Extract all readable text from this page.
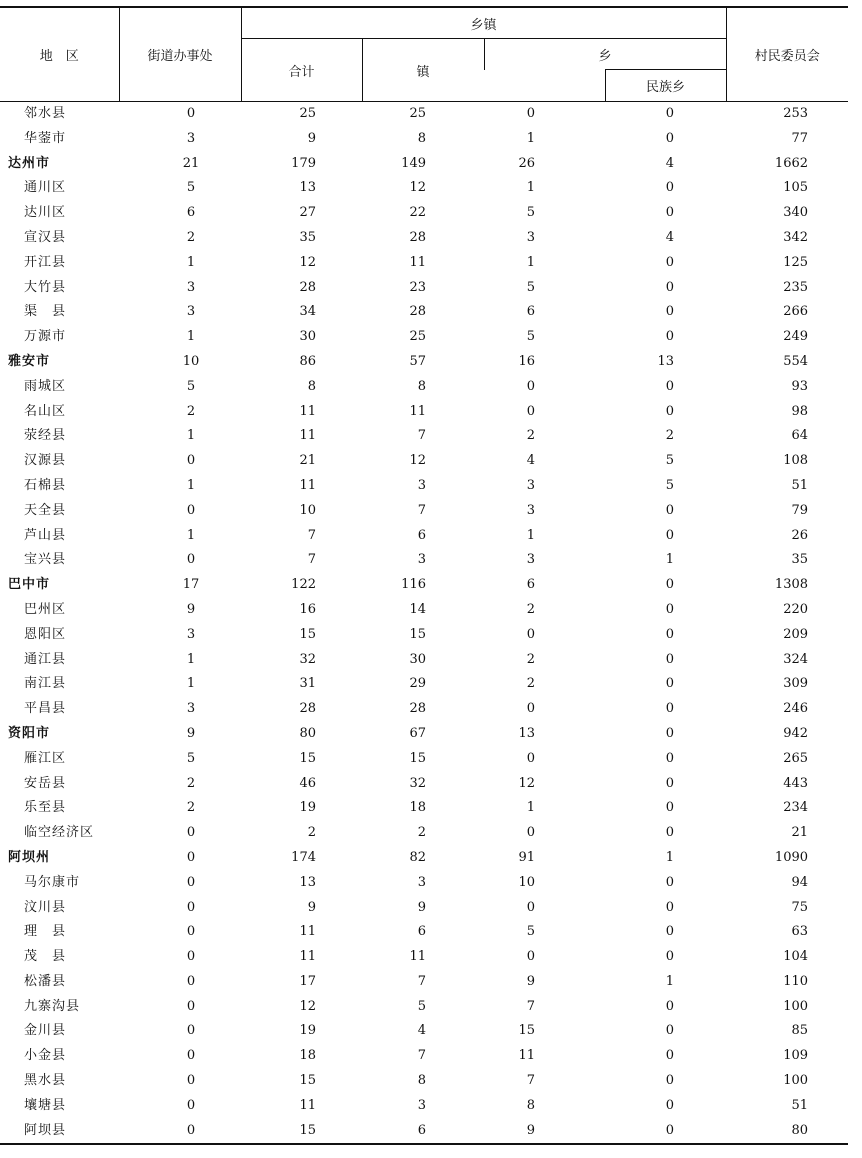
地　区	街道办事处	乡镇				村民委员会
		合计	镇	乡		
					民族乡	
邻水县	0	25	25	0	0	253
华蓥市	3	9	8	1	0	77
达州市	21	179	149	26	4	1662
通川区	5	13	12	1	0	105
达川区	6	27	22	5	0	340
宣汉县	2	35	28	3	4	342
开江县	1	12	11	1	0	125
大竹县	3	28	23	5	0	235
渠　县	3	34	28	6	0	266
万源市	1	30	25	5	0	249
雅安市	10	86	57	16	13	554
雨城区	5	8	8	0	0	93
名山区	2	11	11	0	0	98
荥经县	1	11	7	2	2	64
汉源县	0	21	12	4	5	108
石棉县	1	11	3	3	5	51
天全县	0	10	7	3	0	79
芦山县	1	7	6	1	0	26
宝兴县	0	7	3	3	1	35
巴中市	17	122	116	6	0	1308
巴州区	9	16	14	2	0	220
恩阳区	3	15	15	0	0	209
通江县	1	32	30	2	0	324
南江县	1	31	29	2	0	309
平昌县	3	28	28	0	0	246
资阳市	9	80	67	13	0	942
雁江区	5	15	15	0	0	265
安岳县	2	46	32	12	0	443
乐至县	2	19	18	1	0	234
临空经济区	0	2	2	0	0	21
阿坝州	0	174	82	91	1	1090
马尔康市	0	13	3	10	0	94
汶川县	0	9	9	0	0	75
理　县	0	11	6	5	0	63
茂　县	0	11	11	0	0	104
松潘县	0	17	7	9	1	110
九寨沟县	0	12	5	7	0	100
金川县	0	19	4	15	0	85
小金县	0	18	7	11	0	109
黑水县	0	15	8	7	0	100
壤塘县	0	11	3	8	0	51
阿坝县	0	15	6	9	0	80
